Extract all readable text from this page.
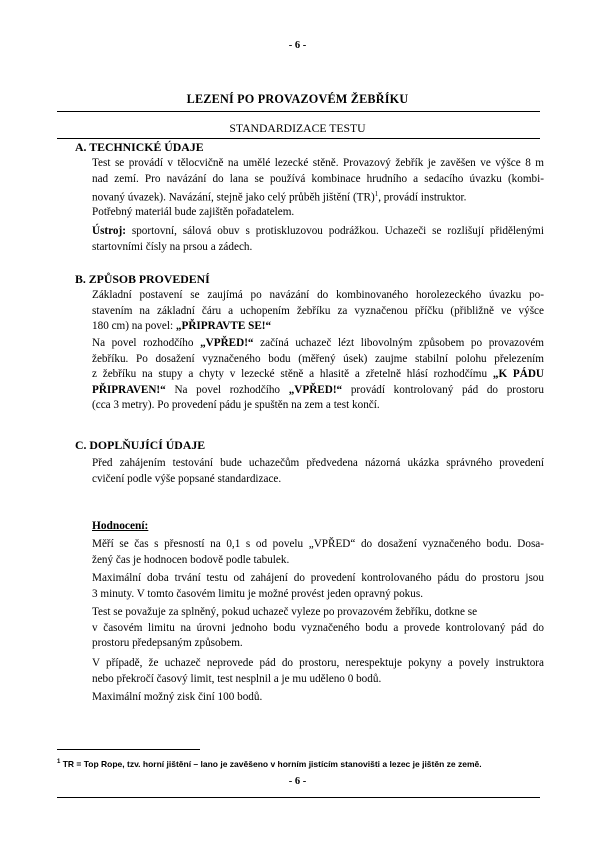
- 6 -
LEZENÍ PO PROVAZOVÉM ŽEBŘÍKU
STANDARDIZACE TESTU
A. TECHNICKÉ ÚDAJE
Test se provádí v tělocvičně na umělé lezecké stěně. Provazový žebřík je zavěšen ve výšce 8 m
nad zemí. Pro navázání do lana se používá kombinace hrudního a sedacího úvazku (kombi-
novaný úvazek). Navázání, stejně jako celý průběh jištění (TR)$^1$, provádí instruktor.
Potřebný materiál bude zajištěn pořadatelem.
Ústroj: sportovní, sálová obuv s protiskluzovou podrážkou. Uchazeči se rozlišují přidělenými
startovními čísly na prsou a zádech.
B. ZPŮSOB PROVEDENÍ
Základní postavení se zaujímá po navázání do kombinovaného horolezeckého úvazku po-
stavením na základní čáru a uchopením žebříku za vyznačenou příčku (přibližně ve výšce
180 cm) na povel: „PŘIPRAVTE SE!“
Na povel rozhodčího „VPŘED!“ začíná uchazeč lézt libovolným způsobem po provazovém
žebříku. Po dosažení vyznačeného bodu (měřený úsek) zaujme stabilní polohu přelezením
z žebříku na stupy a chyty v lezecké stěně a hlasitě a zřetelně hlásí rozhodčímu „K PÁDU
PŘIPRAVEN!“ Na povel rozhodčího „VPŘED!“ provádí kontrolovaný pád do prostoru
(cca 3 metry). Po provedení pádu je spuštěn na zem a test končí.
C. DOPLŇUJÍCÍ ÚDAJE
Před zahájením testování bude uchazečům předvedena názorná ukázka správného provedení
cvičení podle výše popsané standardizace.
Hodnocení:
Měří se čas s přesností na 0,1 s od povelu „VPŘED“ do dosažení vyznačeného bodu. Dosa-
žený čas je hodnocen bodově podle tabulek.
Maximální doba trvání testu od zahájení do provedení kontrolovaného pádu do prostoru jsou
3 minuty. V tomto časovém limitu je možné provést jeden opravný pokus.
Test se považuje za splněný, pokud uchazeč vyleze po provazovém žebříku, dotkne se
v časovém limitu na úrovni jednoho bodu vyznačeného bodu a provede kontrolovaný pád do
prostoru předepsaným způsobem.
V případě, že uchazeč neprovede pád do prostoru, nerespektuje pokyny a povely instruktora
nebo překročí časový limit, test nesplnil a je mu uděleno 0 bodů.
Maximální možný zisk činí 100 bodů.
$^1$ TR = Top Rope, tzv. horní jištění – lano je zavěšeno v horním jistícím stanovišti a lezec je jištěn ze země.
- 6 -
